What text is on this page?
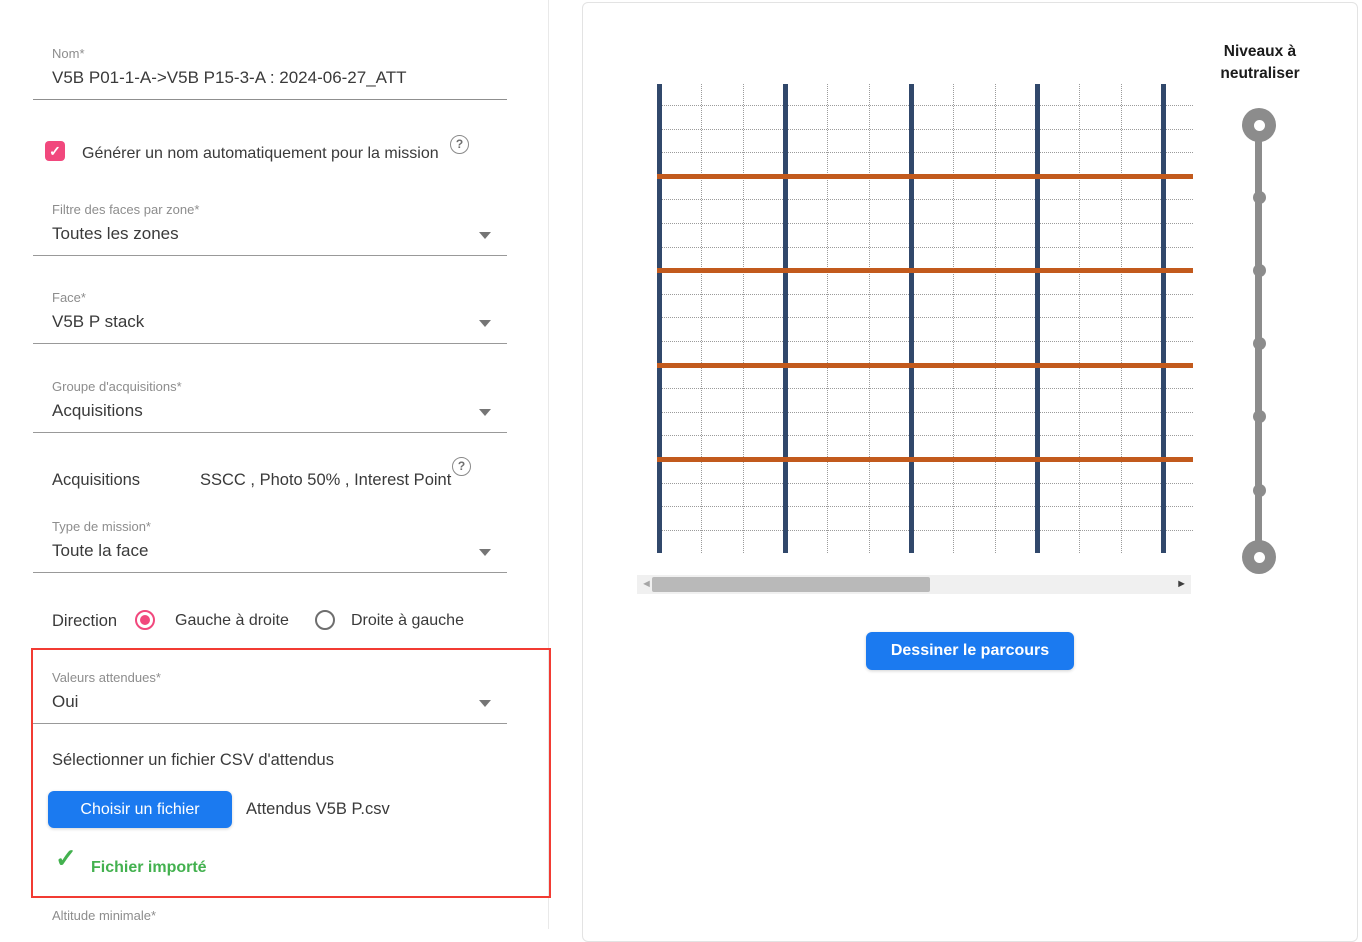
Nom*
V5B P01-1-A->V5B P15-3-A : 2024-06-27_ATT
✓ Générer un nom automatiquement pour la mission
?
Filtre des faces par zone*
Toutes les zones
Face*
V5B P stack
Groupe d'acquisitions*
Acquisitions
Acquisitions	SSCC , Photo 50% , Interest Point
?
Type de mission*
Toute la face
Direction	Gauche à droite	Droite à gauche
Valeurs attendues*
Oui
Sélectionner un fichier CSV d'attendus
Choisir un fichier	Attendus V5B P.csv
✓ Fichier importé
Altitude minimale*
◄	►
Dessiner le parcours
Niveaux à
neutraliser
